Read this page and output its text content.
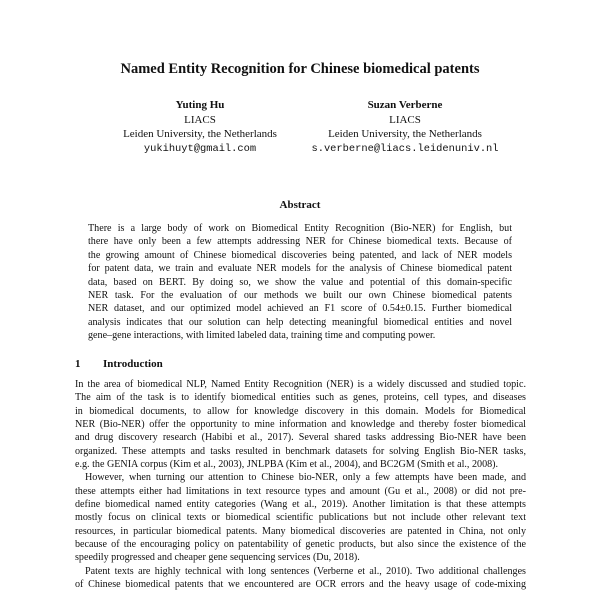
Named Entity Recognition for Chinese biomedical patents
Yuting Hu
LIACS
Leiden University, the Netherlands
yukihuyt@gmail.com
Suzan Verberne
LIACS
Leiden University, the Netherlands
s.verberne@liacs.leidenuniv.nl
Abstract
There is a large body of work on Biomedical Entity Recognition (Bio-NER) for English, but
there have only been a few attempts addressing NER for Chinese biomedical texts. Because of
the growing amount of Chinese biomedical discoveries being patented, and lack of NER models
for patent data, we train and evaluate NER models for the analysis of Chinese biomedical patent
data, based on BERT. By doing so, we show the value and potential of this domain-specific
NER task. For the evaluation of our methods we built our own Chinese biomedical patents
NER dataset, and our optimized model achieved an F1 score of 0.54±0.15. Further biomedical
analysis indicates that our solution can help detecting meaningful biomedical entities and novel
gene–gene interactions, with limited labeled data, training time and computing power.
1 Introduction
In the area of biomedical NLP, Named Entity Recognition (NER) is a widely discussed and studied topic.
The aim of the task is to identify biomedical entities such as genes, proteins, cell types, and diseases
in biomedical documents, to allow for knowledge discovery in this domain. Models for Biomedical
NER (Bio-NER) offer the opportunity to mine information and knowledge and thereby foster biomedical
and drug discovery research (Habibi et al., 2017). Several shared tasks addressing Bio-NER have been
organized. These attempts and tasks resulted in benchmark datasets for solving English Bio-NER tasks,
e.g. the GENIA corpus (Kim et al., 2003), JNLPBA (Kim et al., 2004), and BC2GM (Smith et al., 2008).
However, when turning our attention to Chinese bio-NER, only a few attempts have been made, and
these attempts either had limitations in text resource types and amount (Gu et al., 2008) or did not pre-
define biomedical named entity categories (Wang et al., 2019). Another limitation is that these attempts
mostly focus on clinical texts or biomedical scientific publications but not include other relevant text
resources, in particular biomedical patents. Many biomedical discoveries are patented in China, not only
because of the encouraging policy on patentability of genetic products, but also since the existence of the
speedily progressed and cheaper gene sequencing services (Du, 2018).
Patent texts are highly technical with long sentences (Verberne et al., 2010). Two additional challenges
of Chinese biomedical patents that we encountered are OCR errors and the heavy usage of code-mixing
